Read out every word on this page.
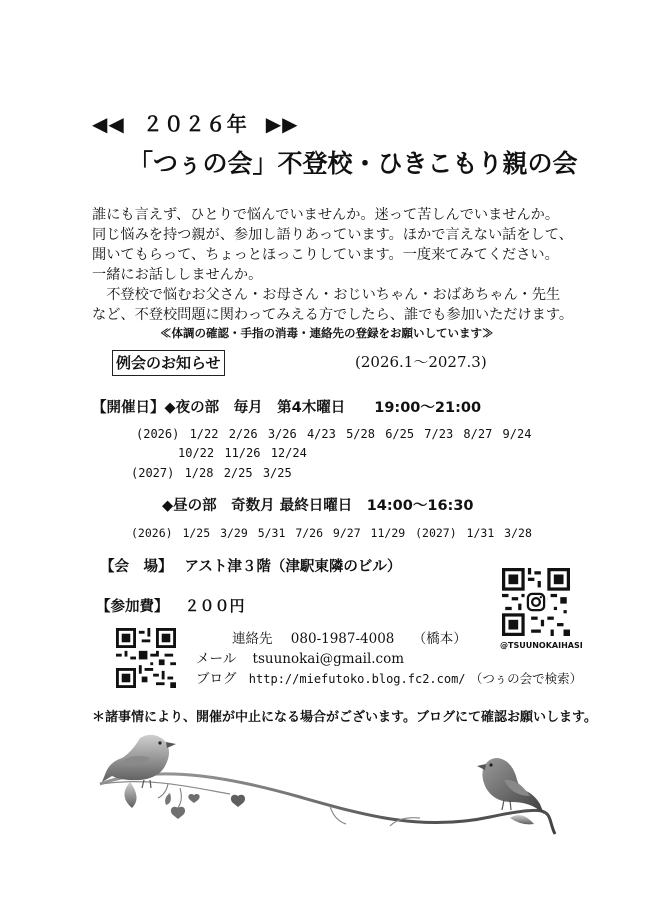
◀◀ ２０２６年 ▶▶
「つぅの会」不登校・ひきこもり親の会
誰にも言えず、ひとりで悩んでいませんか。迷って苦しんでいませんか。
同じ悩みを持つ親が、参加し語りあっています。ほかで言えない話をして、
聞いてもらって、ちょっとほっこりしています。一度来てみてください。
一緒にお話ししませんか。
　不登校で悩むお父さん・お母さん・おじいちゃん・おばあちゃん・先生
など、不登校問題に関わってみえる方でしたら、誰でも参加いただけます。
≪体調の確認・手指の消毒・連絡先の登録をお願いしています≫
例会のお知らせ	(2026.1～2027.3)
【開催日】◆夜の部　毎月　第4木曜日　　19:00～21:00
(2026) 1/22 2/26 3/26 4/23 5/28 6/25 7/23 8/27 9/24
10/22 11/26 12/24
(2027) 1/28 2/25 3/25
◆昼の部　奇数月 最終日曜日　14:00～16:30
(2026) 1/25 3/29 5/31 7/26 9/27 11/29 (2027) 1/31 3/28
【会　場】 アスト津３階（津駅東隣のビル）
【参加費】 ２００円
@TSUUNOKAIHASI
連絡先 080-1987-4008 （橋本）
メール tsuunokai@gmail.com
ブログ http://miefutoko.blog.fc2.com/ （つぅの会で検索）
＊諸事情により、開催が中止になる場合がございます。ブログにて確認お願いします。
